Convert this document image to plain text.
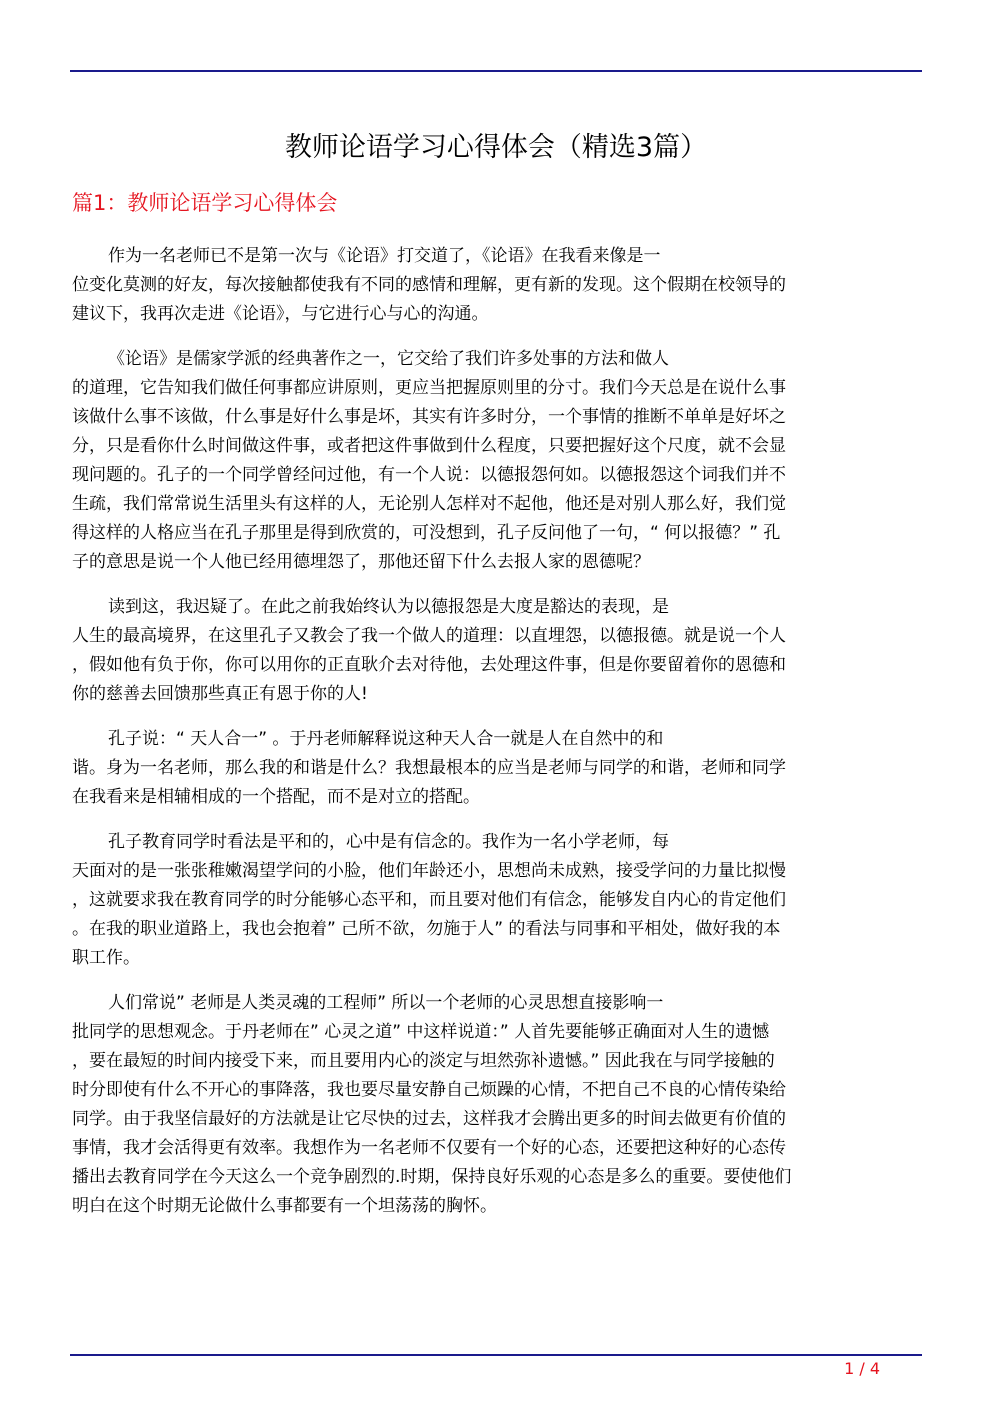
教师论语学习心得体会（精选3篇）
篇1：教师论语学习心得体会
作为一名老师已不是第一次与《论语》打交道了，《论语》在我看来像是一
位变化莫测的好友，每次接触都使我有不同的感情和理解，更有新的发现。这个假期在校领导的
建议下，我再次走进《论语》，与它进行心与心的沟通。
《论语》是儒家学派的经典著作之一，它交给了我们许多处事的方法和做人
的道理，它告知我们做任何事都应讲原则，更应当把握原则里的分寸。我们今天总是在说什么事
该做什么事不该做，什么事是好什么事是坏，其实有许多时分，一个事情的推断不单单是好坏之
分，只是看你什么时间做这件事，或者把这件事做到什么程度，只要把握好这个尺度，就不会显
现问题的。孔子的一个同学曾经问过他，有一个人说：以德报怨何如。以德报怨这个词我们并不
生疏，我们常常说生活里头有这样的人，无论别人怎样对不起他，他还是对别人那么好，我们觉
得这样的人格应当在孔子那里是得到欣赏的，可没想到，孔子反问他了一句，“ 何以报德？” 孔
子的意思是说一个人他已经用德埋怨了，那他还留下什么去报人家的恩德呢？
读到这，我迟疑了。在此之前我始终认为以德报怨是大度是豁达的表现，是
人生的最高境界，在这里孔子又教会了我一个做人的道理：以直埋怨，以德报德。就是说一个人
，假如他有负于你，你可以用你的正直耿介去对待他，去处理这件事，但是你要留着你的恩德和
你的慈善去回馈那些真正有恩于你的人!
孔子说：“ 天人合一” 。于丹老师解释说这种天人合一就是人在自然中的和
谐。身为一名老师，那么我的和谐是什么？我想最根本的应当是老师与同学的和谐，老师和同学
在我看来是相辅相成的一个搭配，而不是对立的搭配。
孔子教育同学时看法是平和的，心中是有信念的。我作为一名小学老师，每
天面对的是一张张稚嫩渴望学问的小脸，他们年龄还小，思想尚未成熟，接受学问的力量比拟慢
，这就要求我在教育同学的时分能够心态平和，而且要对他们有信念，能够发自内心的肯定他们
。在我的职业道路上，我也会抱着” 己所不欲，勿施于人” 的看法与同事和平相处，做好我的本
职工作。
人们常说” 老师是人类灵魂的工程师” 所以一个老师的心灵思想直接影响一
批同学的思想观念。于丹老师在” 心灵之道” 中这样说道：” 人首先要能够正确面对人生的遗憾
，要在最短的时间内接受下来，而且要用内心的淡定与坦然弥补遗憾。” 因此我在与同学接触的
时分即使有什么不开心的事降落，我也要尽量安静自己烦躁的心情，不把自己不良的心情传染给
同学。由于我坚信最好的方法就是让它尽快的过去，这样我才会腾出更多的时间去做更有价值的
事情，我才会活得更有效率。我想作为一名老师不仅要有一个好的心态，还要把这种好的心态传
播出去教育同学在今天这么一个竞争剧烈的.时期，保持良好乐观的心态是多么的重要。要使他们
明白在这个时期无论做什么事都要有一个坦荡荡的胸怀。
1 / 4
